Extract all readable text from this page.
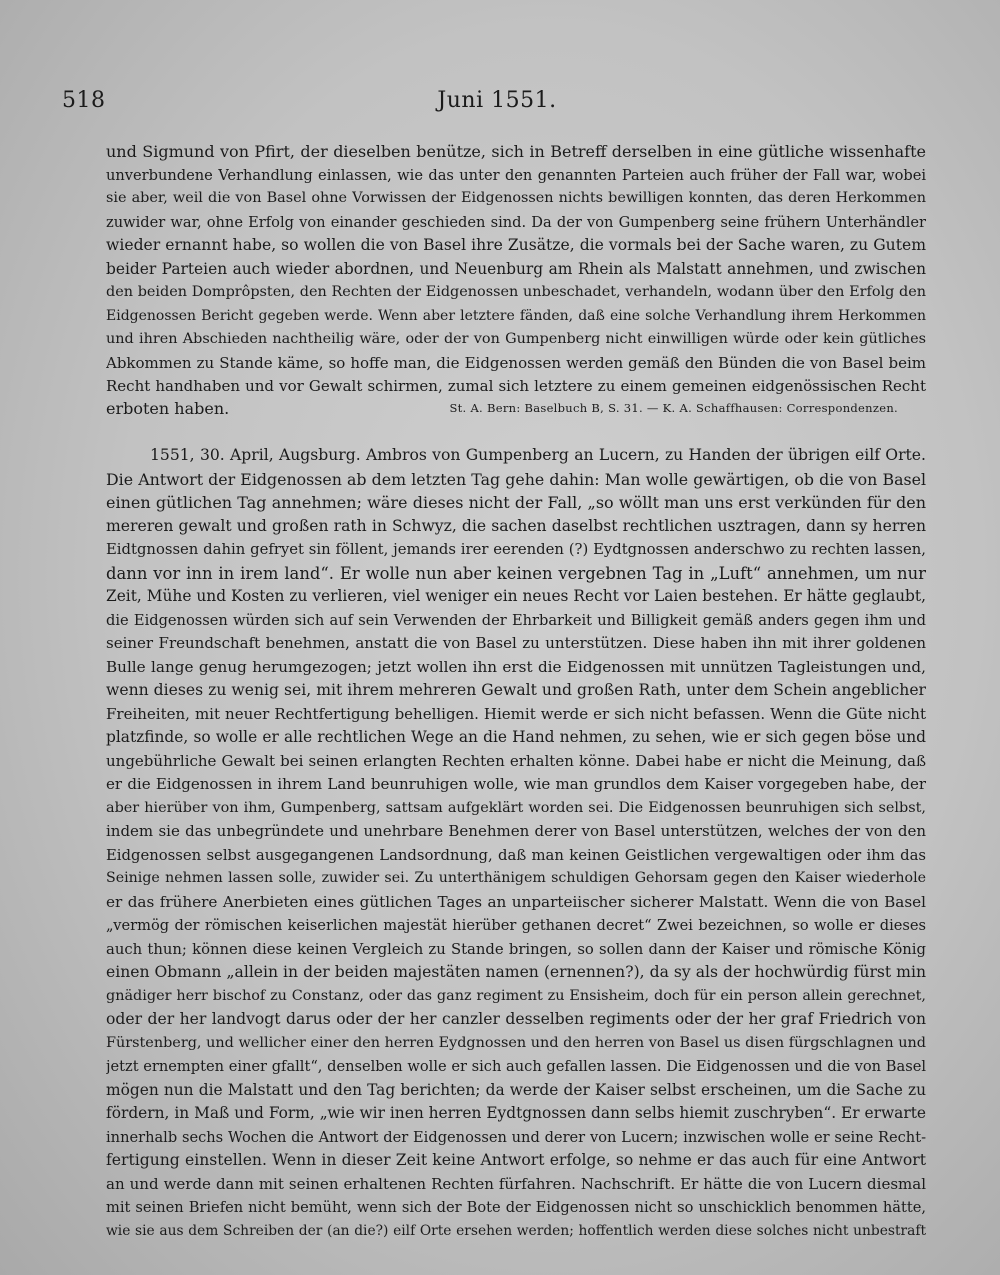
518	Juni 1551.
und Sigmund von Pfirt, der dieselben benütze, sich in Betreff derselben in eine gütliche wissenhafte
unverbundene Verhandlung einlassen, wie das unter den genannten Parteien auch früher der Fall war, wobei
sie aber, weil die von Basel ohne Vorwissen der Eidgenossen nichts bewilligen konnten, das deren Herkommen
zuwider war, ohne Erfolg von einander geschieden sind. Da der von Gumpenberg seine frühern Unterhändler
wieder ernannt habe, so wollen die von Basel ihre Zusätze, die vormals bei der Sache waren, zu Gutem
beider Parteien auch wieder abordnen, und Neuenburg am Rhein als Malstatt annehmen, und zwischen
den beiden Domprôpsten, den Rechten der Eidgenossen unbeschadet, verhandeln, wodann über den Erfolg den
Eidgenossen Bericht gegeben werde. Wenn aber letztere fänden, daß eine solche Verhandlung ihrem Herkommen
und ihren Abschieden nachtheilig wäre, oder der von Gumpenberg nicht einwilligen würde oder kein gütliches
Abkommen zu Stande käme, so hoffe man, die Eidgenossen werden gemäß den Bünden die von Basel beim
Recht handhaben und vor Gewalt schirmen, zumal sich letztere zu einem gemeinen eidgenössischen Recht
erboten haben.	St. A. Bern: Baselbuch B, S. 31. — K. A. Schaffhausen: Correspondenzen.
1551, 30. April, Augsburg. Ambros von Gumpenberg an Lucern, zu Handen der übrigen eilf Orte.
Die Antwort der Eidgenossen ab dem letzten Tag gehe dahin: Man wolle gewärtigen, ob die von Basel
einen gütlichen Tag annehmen; wäre dieses nicht der Fall, „so wöllt man uns erst verkünden für den
mereren gewalt und großen rath in Schwyz, die sachen daselbst rechtlichen usztragen, dann sy herren
Eidtgnossen dahin gefryet sin föllent, jemands irer eerenden (?) Eydtgnossen anderschwo zu rechten lassen,
dann vor inn in irem land“. Er wolle nun aber keinen vergebnen Tag in „Luft“ annehmen, um nur
Zeit, Mühe und Kosten zu verlieren, viel weniger ein neues Recht vor Laien bestehen. Er hätte geglaubt,
die Eidgenossen würden sich auf sein Verwenden der Ehrbarkeit und Billigkeit gemäß anders gegen ihm und
seiner Freundschaft benehmen, anstatt die von Basel zu unterstützen. Diese haben ihn mit ihrer goldenen
Bulle lange genug herumgezogen; jetzt wollen ihn erst die Eidgenossen mit unnützen Tagleistungen und,
wenn dieses zu wenig sei, mit ihrem mehreren Gewalt und großen Rath, unter dem Schein angeblicher
Freiheiten, mit neuer Rechtfertigung behelligen. Hiemit werde er sich nicht befassen. Wenn die Güte nicht
platzfinde, so wolle er alle rechtlichen Wege an die Hand nehmen, zu sehen, wie er sich gegen böse und
ungebührliche Gewalt bei seinen erlangten Rechten erhalten könne. Dabei habe er nicht die Meinung, daß
er die Eidgenossen in ihrem Land beunruhigen wolle, wie man grundlos dem Kaiser vorgegeben habe, der
aber hierüber von ihm, Gumpenberg, sattsam aufgeklärt worden sei. Die Eidgenossen beunruhigen sich selbst,
indem sie das unbegründete und unehrbare Benehmen derer von Basel unterstützen, welches der von den
Eidgenossen selbst ausgegangenen Landsordnung, daß man keinen Geistlichen vergewaltigen oder ihm das
Seinige nehmen lassen solle, zuwider sei. Zu unterthänigem schuldigen Gehorsam gegen den Kaiser wiederhole
er das frühere Anerbieten eines gütlichen Tages an unparteiischer sicherer Malstatt. Wenn die von Basel
„vermög der römischen keiserlichen majestät hierüber gethanen decret“ Zwei bezeichnen, so wolle er dieses
auch thun; können diese keinen Vergleich zu Stande bringen, so sollen dann der Kaiser und römische König
einen Obmann „allein in der beiden majestäten namen (ernennen?), da sy als der hochwürdig fürst min
gnädiger herr bischof zu Constanz, oder das ganz regiment zu Ensisheim, doch für ein person allein gerechnet,
oder der her landvogt darus oder der her canzler desselben regiments oder der her graf Friedrich von
Fürstenberg, und wellicher einer den herren Eydgnossen und den herren von Basel us disen fürgschlagnen und
jetzt ernempten einer gfallt“, denselben wolle er sich auch gefallen lassen. Die Eidgenossen und die von Basel
mögen nun die Malstatt und den Tag berichten; da werde der Kaiser selbst erscheinen, um die Sache zu
fördern, in Maß und Form, „wie wir inen herren Eydtgnossen dann selbs hiemit zuschryben“. Er erwarte
innerhalb sechs Wochen die Antwort der Eidgenossen und derer von Lucern; inzwischen wolle er seine Recht-
fertigung einstellen. Wenn in dieser Zeit keine Antwort erfolge, so nehme er das auch für eine Antwort
an und werde dann mit seinen erhaltenen Rechten fürfahren. Nachschrift. Er hätte die von Lucern diesmal
mit seinen Briefen nicht bemüht, wenn sich der Bote der Eidgenossen nicht so unschicklich benommen hätte,
wie sie aus dem Schreiben der (an die?) eilf Orte ersehen werden; hoffentlich werden diese solches nicht unbestraft
